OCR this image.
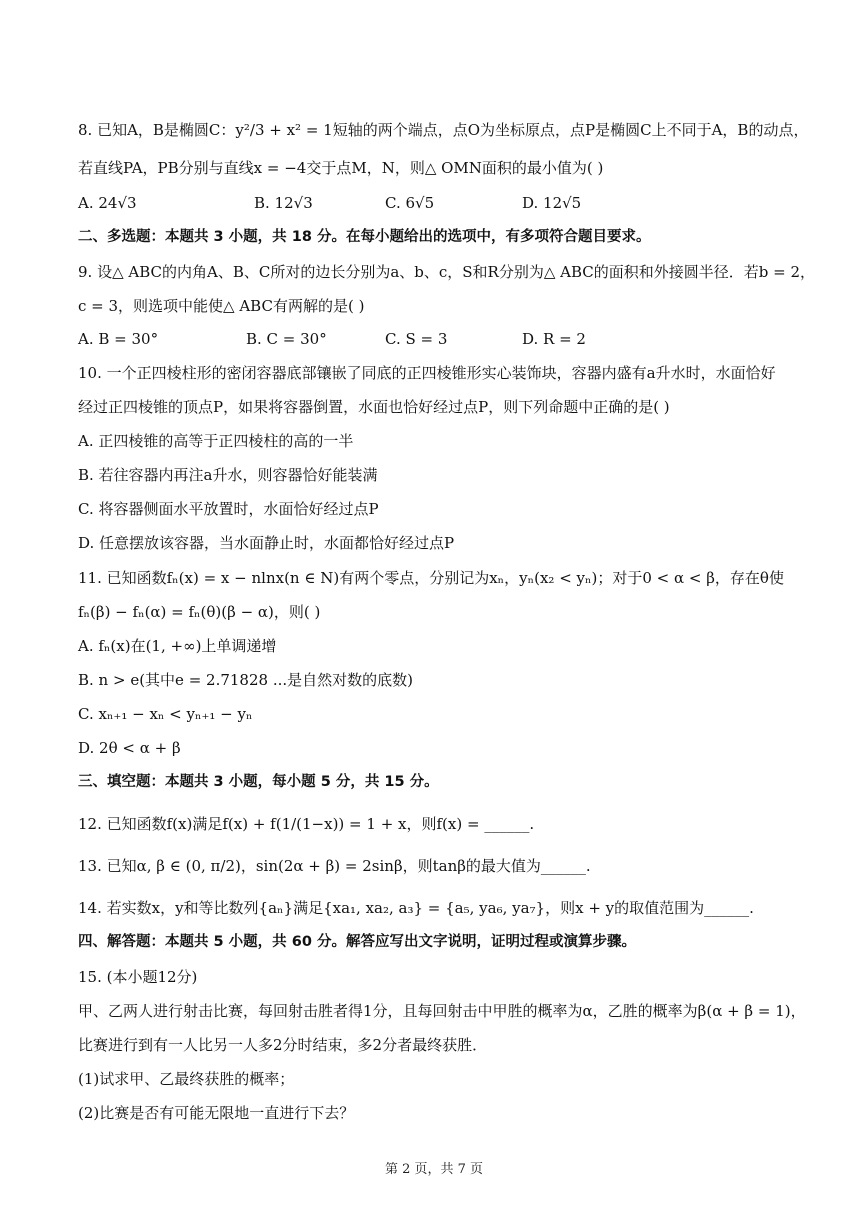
8. 已知A，B是椭圆C：y²/3 + x² = 1短轴的两个端点，点O为坐标原点，点P是椭圆C上不同于A，B的动点，
若直线PA，PB分别与直线x = −4交于点M，N，则△ OMN面积的最小值为( )
A. 24√3	B. 12√3	C. 6√5	D. 12√5
二、多选题：本题共 3 小题，共 18 分。在每小题给出的选项中，有多项符合题目要求。
9. 设△ ABC的内角A、B、C所对的边长分别为a、b、c，S和R分别为△ ABC的面积和外接圆半径．若b = 2，
c = 3，则选项中能使△ ABC有两解的是( )
A. B = 30°	B. C = 30°	C. S = 3	D. R = 2
10. 一个正四棱柱形的密闭容器底部镶嵌了同底的正四棱锥形实心装饰块，容器内盛有a升水时，水面恰好
经过正四棱锥的顶点P，如果将容器倒置，水面也恰好经过点P，则下列命题中正确的是( )
A. 正四棱锥的高等于正四棱柱的高的一半
B. 若往容器内再注a升水，则容器恰好能装满
C. 将容器侧面水平放置时，水面恰好经过点P
D. 任意摆放该容器，当水面静止时，水面都恰好经过点P
11. 已知函数fₙ(x) = x − nlnx(n ∈ N)有两个零点，分别记为xₙ，yₙ(x₂ < yₙ)；对于0 < α < β，存在θ使
fₙ(β) − fₙ(α) = fₙ(θ)(β − α)，则( )
A. fₙ(x)在(1, +∞)上单调递增
B. n > e(其中e = 2.71828 ...是自然对数的底数)
C. xₙ₊₁ − xₙ < yₙ₊₁ − yₙ
D. 2θ < α + β
三、填空题：本题共 3 小题，每小题 5 分，共 15 分。
12. 已知函数f(x)满足f(x) + f(1/(1−x)) = 1 + x，则f(x) = ______.
13. 已知α, β ∈ (0, π/2)，sin(2α + β) = 2sinβ，则tanβ的最大值为______.
14. 若实数x，y和等比数列{aₙ}满足{xa₁, xa₂, a₃} = {a₅, ya₆, ya₇}，则x + y的取值范围为______.
四、解答题：本题共 5 小题，共 60 分。解答应写出文字说明，证明过程或演算步骤。
15. (本小题12分)
甲、乙两人进行射击比赛，每回射击胜者得1分，且每回射击中甲胜的概率为α，乙胜的概率为β(α + β = 1)，
比赛进行到有一人比另一人多2分时结束，多2分者最终获胜．
(1)试求甲、乙最终获胜的概率；
(2)比赛是否有可能无限地一直进行下去？
第 2 页，共 7 页
